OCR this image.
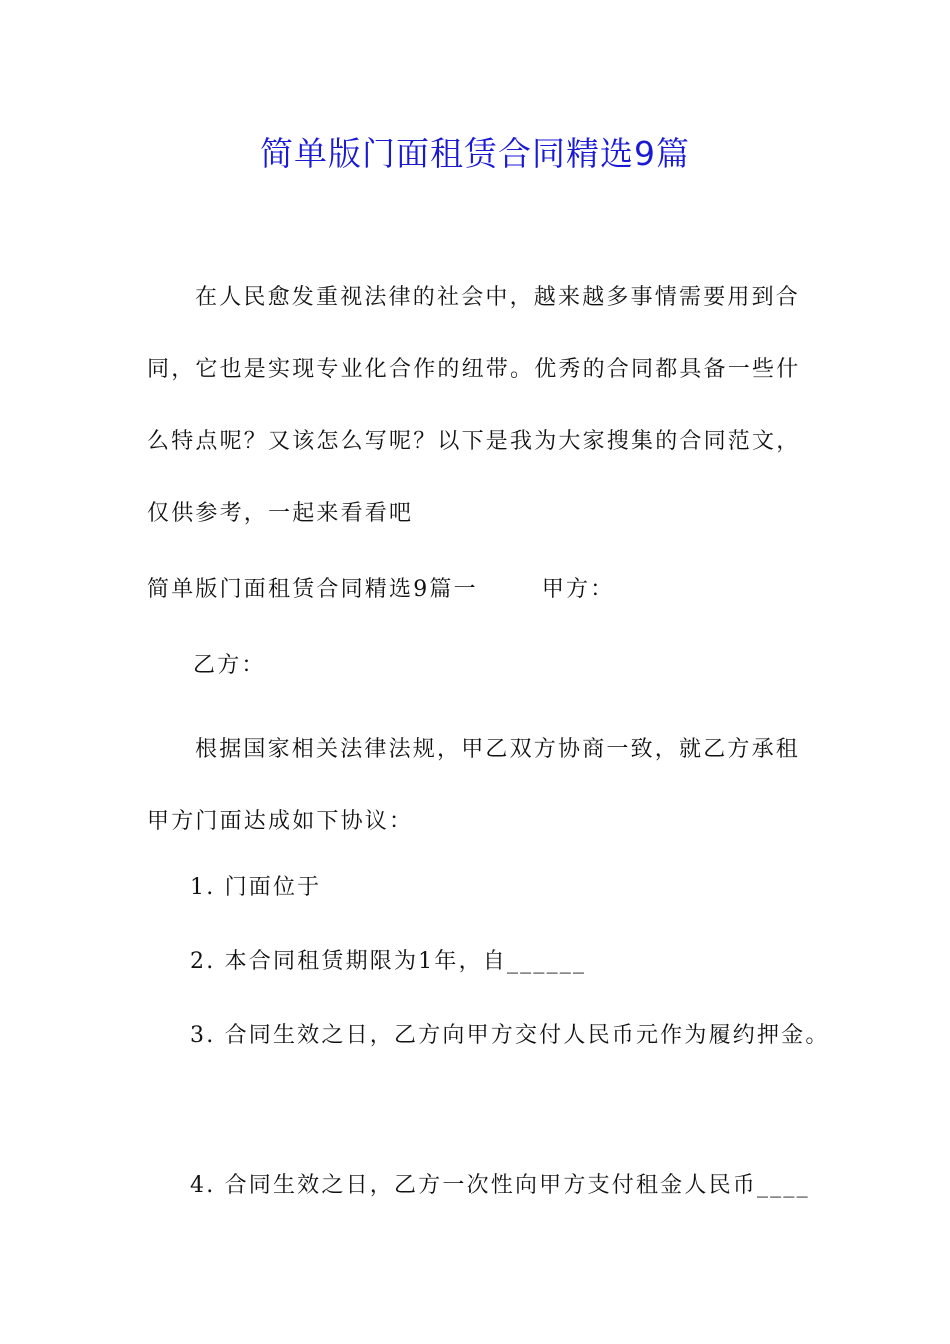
简单版门面租赁合同精选9篇

在人民愈发重视法律的社会中，越来越多事情需要用到合同，它也是实现专业化合作的纽带。优秀的合同都具备一些什么特点呢？又该怎么写呢？以下是我为大家搜集的合同范文，仅供参考，一起来看看吧

简单版门面租赁合同精选9篇一	甲方：

乙方：

根据国家相关法律法规，甲乙双方协商一致，就乙方承租甲方门面达成如下协议：

1. 门面位于

2. 本合同租赁期限为1年，自______

3. 合同生效之日，乙方向甲方交付人民币元作为履约押金。

4. 合同生效之日，乙方一次性向甲方支付租金人民币____
